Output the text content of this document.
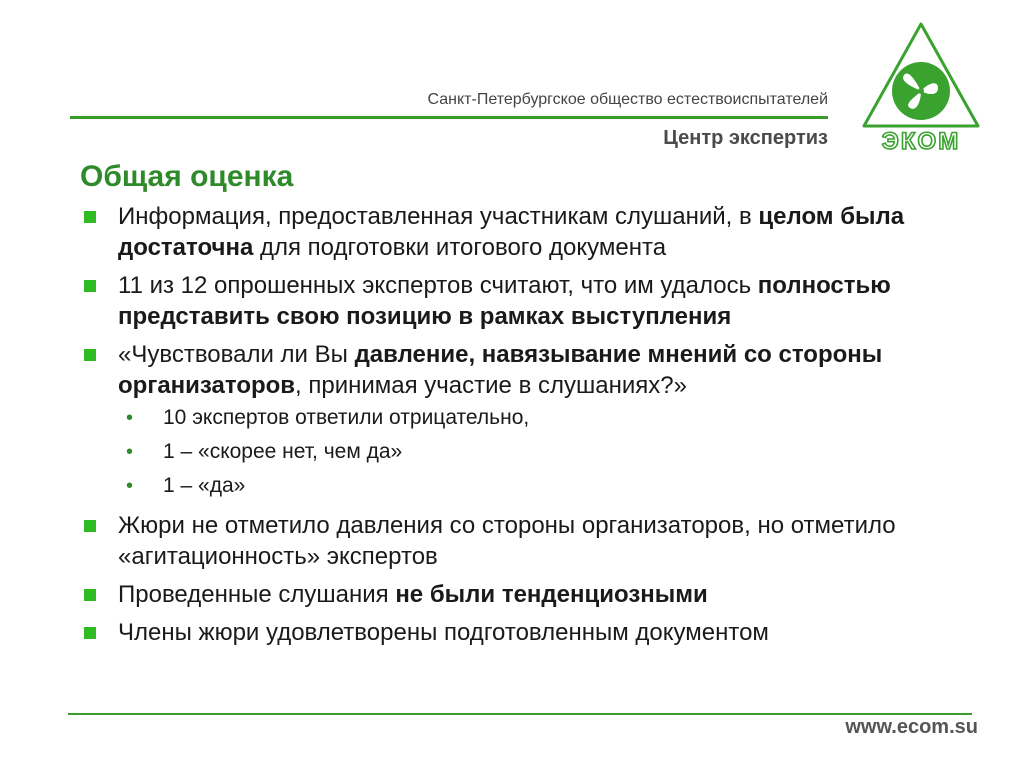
Санкт-Петербургское общество естествоиспытателей
Центр экспертиз ЭКОМ
Общая оценка
Информация, предоставленная участникам слушаний, в целом была достаточна для подготовки итогового документа
11 из 12 опрошенных экспертов считают, что им удалось полностью представить свою позицию в рамках выступления
«Чувствовали ли Вы давление, навязывание мнений со стороны организаторов, принимая участие в слушаниях?»
• 10 экспертов ответили отрицательно,
• 1 – «скорее нет, чем да»
• 1 – «да»
Жюри не отметило давления со стороны организаторов, но отметило «агитационность» экспертов
Проведенные слушания не были тенденциозными
Члены жюри удовлетворены подготовленным документом
www.ecom.su
